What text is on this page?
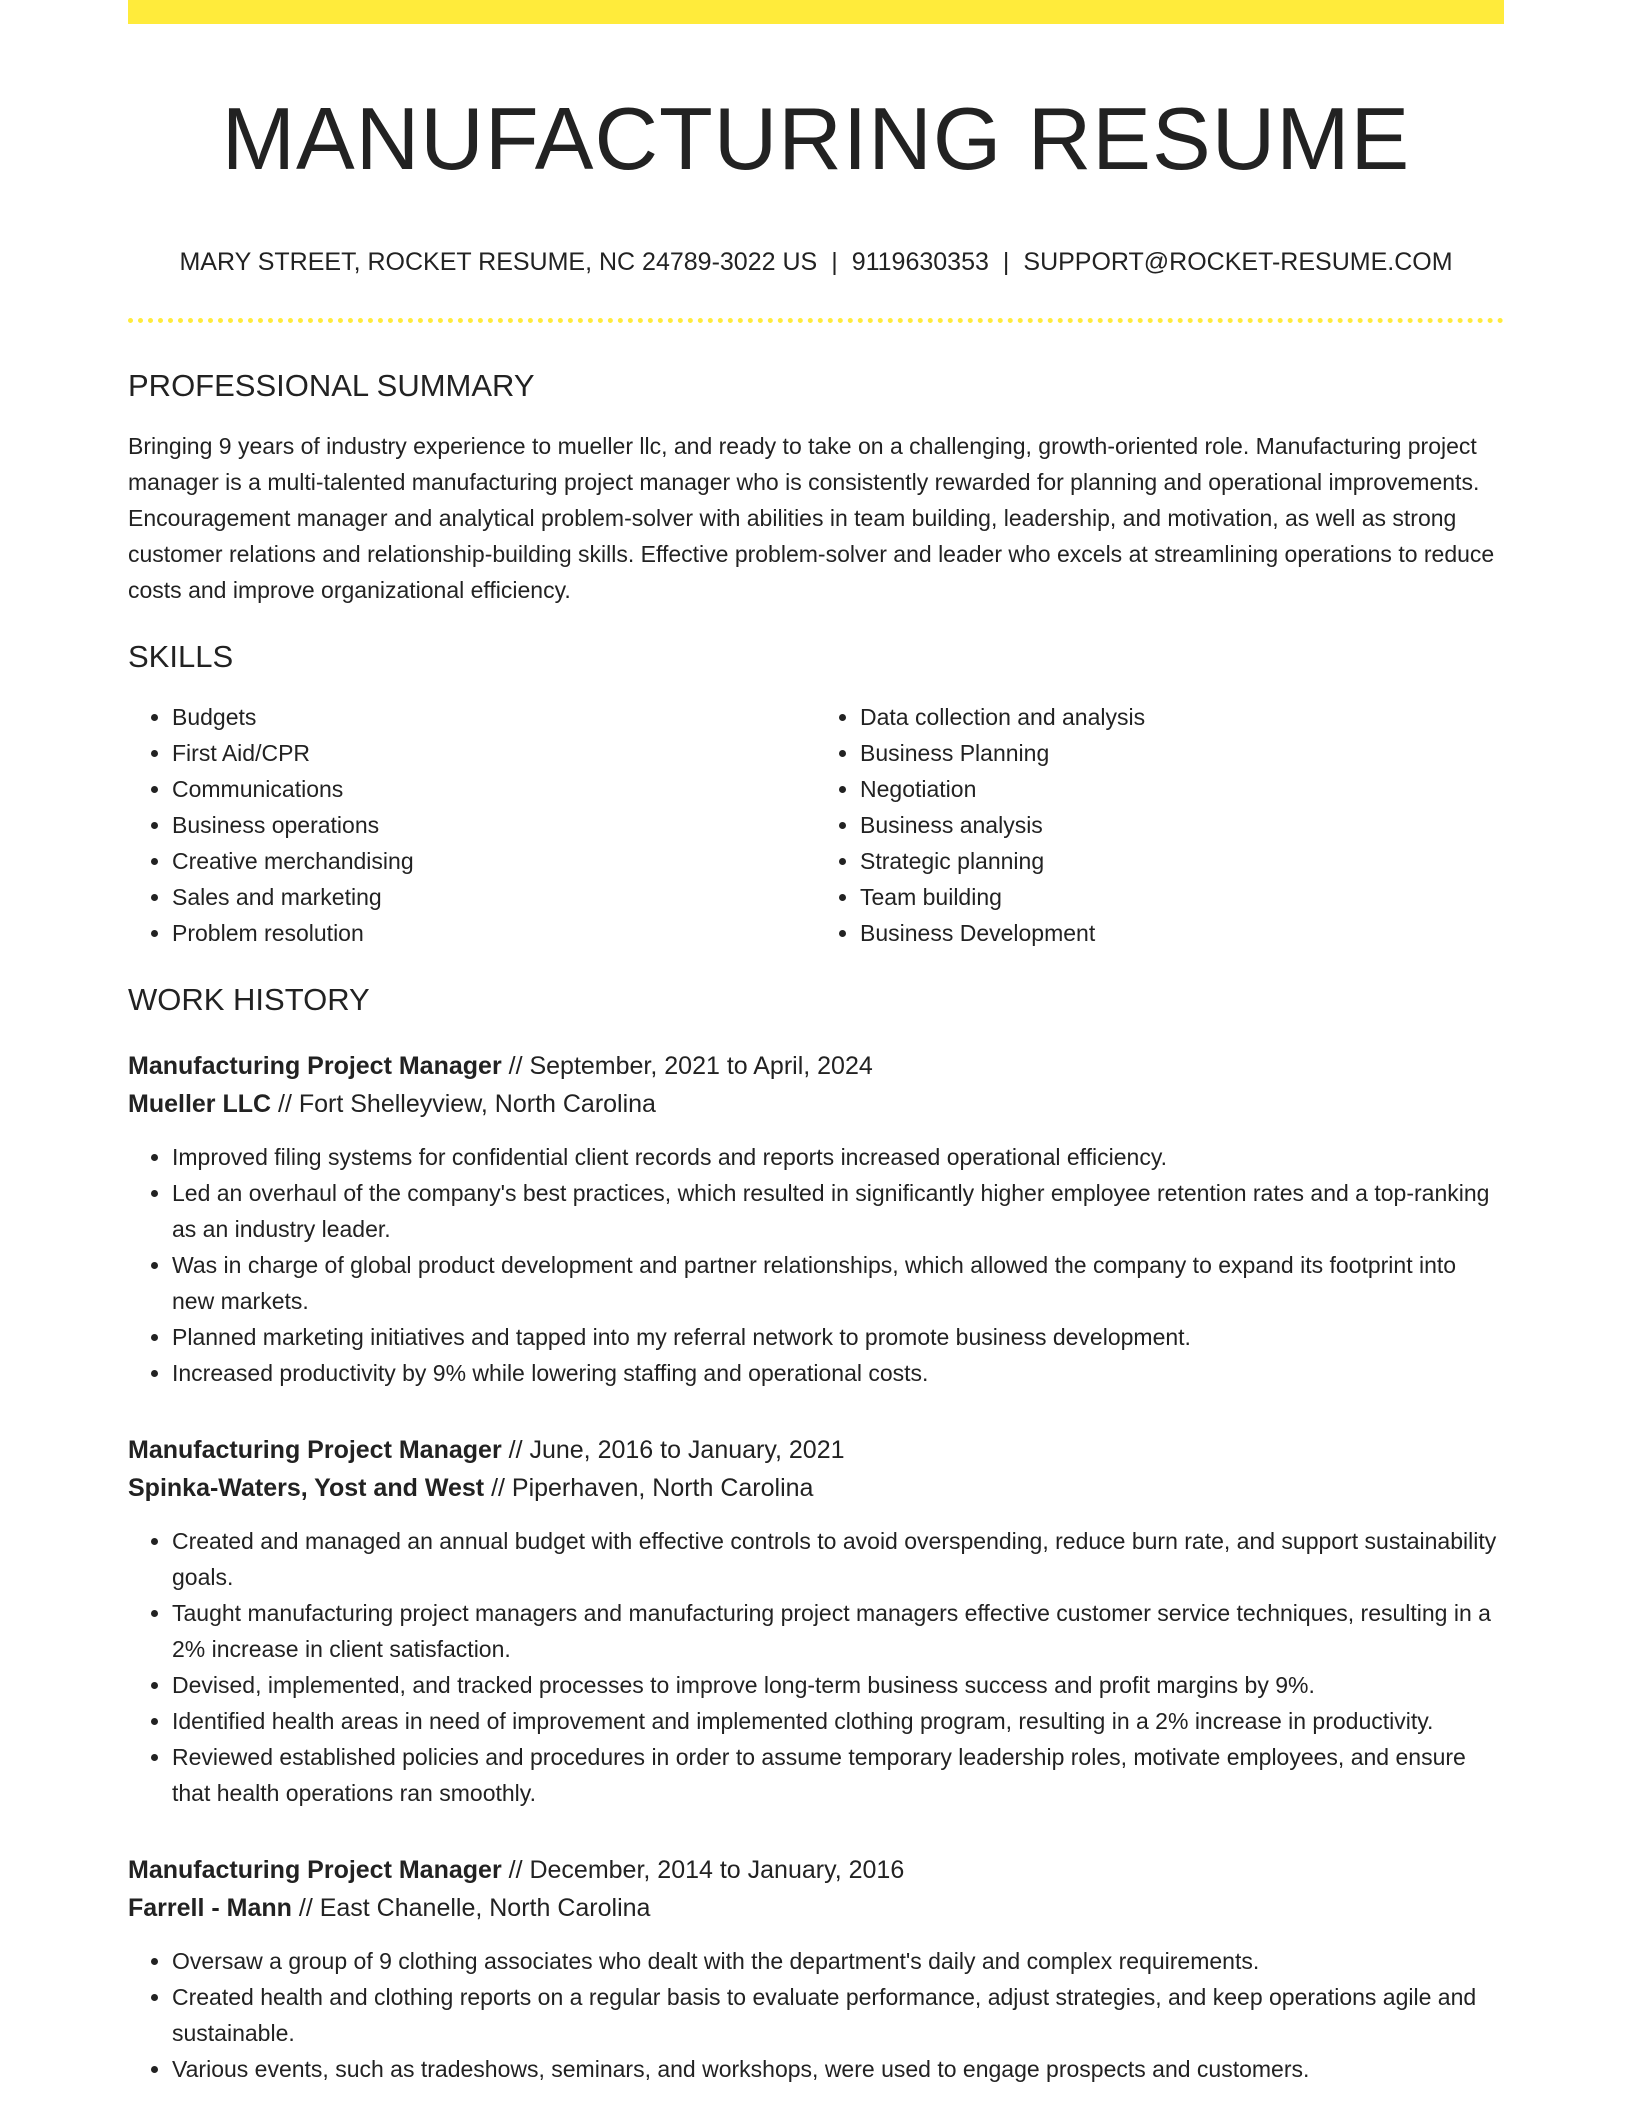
MANUFACTURING RESUME
MARY STREET, ROCKET RESUME, NC 24789-3022 US | 9119630353 | SUPPORT@ROCKET-RESUME.COM
PROFESSIONAL SUMMARY

Bringing 9 years of industry experience to mueller llc, and ready to take on a challenging, growth-oriented role. Manufacturing project manager is a multi-talented manufacturing project manager who is consistently rewarded for planning and operational improvements. Encouragement manager and analytical problem-solver with abilities in team building, leadership, and motivation, as well as strong customer relations and relationship-building skills. Effective problem-solver and leader who excels at streamlining operations to reduce costs and improve organizational efficiency.

SKILLS
• Budgets
• First Aid/CPR
• Communications
• Business operations
• Creative merchandising
• Sales and marketing
• Problem resolution
• Data collection and analysis
• Business Planning
• Negotiation
• Business analysis
• Strategic planning
• Team building
• Business Development
WORK HISTORY
Manufacturing Project Manager // September, 2021 to April, 2024
Mueller LLC // Fort Shelleyview, North Carolina
• Improved filing systems for confidential client records and reports increased operational efficiency.
• Led an overhaul of the company's best practices, which resulted in significantly higher employee retention rates and a top-ranking as an industry leader.
• Was in charge of global product development and partner relationships, which allowed the company to expand its footprint into new markets.
• Planned marketing initiatives and tapped into my referral network to promote business development.
• Increased productivity by 9% while lowering staffing and operational costs.
Manufacturing Project Manager // June, 2016 to January, 2021
Spinka-Waters, Yost and West // Piperhaven, North Carolina
• Created and managed an annual budget with effective controls to avoid overspending, reduce burn rate, and support sustainability goals.
• Taught manufacturing project managers and manufacturing project managers effective customer service techniques, resulting in a 2% increase in client satisfaction.
• Devised, implemented, and tracked processes to improve long-term business success and profit margins by 9%.
• Identified health areas in need of improvement and implemented clothing program, resulting in a 2% increase in productivity.
• Reviewed established policies and procedures in order to assume temporary leadership roles, motivate employees, and ensure that health operations ran smoothly.
Manufacturing Project Manager // December, 2014 to January, 2016
Farrell - Mann // East Chanelle, North Carolina
• Oversaw a group of 9 clothing associates who dealt with the department's daily and complex requirements.
• Created health and clothing reports on a regular basis to evaluate performance, adjust strategies, and keep operations agile and sustainable.
• Various events, such as tradeshows, seminars, and workshops, were used to engage prospects and customers.
